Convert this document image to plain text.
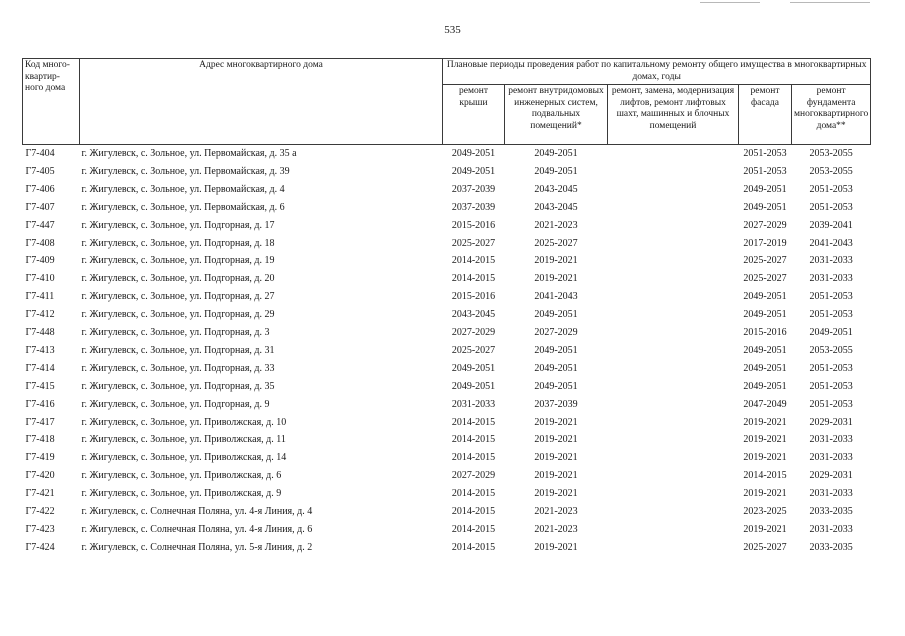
535
Код много-квартир-ного дома	Адрес многоквартирного дома	Плановые периоды проведения работ по капитальному ремонту общего имущества в многоквартирных домах, годы				
		ремонт крыши	ремонт внутридомовых инженерных систем, подвальных помещений*	ремонт, замена, модернизация лифтов, ремонт лифтовых шахт, машинных и блочных помещений	ремонт фасада	ремонт фундамента многоквартирного дома**
Г7-404	г. Жигулевск, с. Зольное, ул. Первомайская, д. 35 а	2049-2051	2049-2051		2051-2053	2053-2055
Г7-405	г. Жигулевск, с. Зольное, ул. Первомайская, д. 39	2049-2051	2049-2051		2051-2053	2053-2055
Г7-406	г. Жигулевск, с. Зольное, ул. Первомайская, д. 4	2037-2039	2043-2045		2049-2051	2051-2053
Г7-407	г. Жигулевск, с. Зольное, ул. Первомайская, д. 6	2037-2039	2043-2045		2049-2051	2051-2053
Г7-447	г. Жигулевск, с. Зольное, ул. Подгорная, д. 17	2015-2016	2021-2023		2027-2029	2039-2041
Г7-408	г. Жигулевск, с. Зольное, ул. Подгорная, д. 18	2025-2027	2025-2027		2017-2019	2041-2043
Г7-409	г. Жигулевск, с. Зольное, ул. Подгорная, д. 19	2014-2015	2019-2021		2025-2027	2031-2033
Г7-410	г. Жигулевск, с. Зольное, ул. Подгорная, д. 20	2014-2015	2019-2021		2025-2027	2031-2033
Г7-411	г. Жигулевск, с. Зольное, ул. Подгорная, д. 27	2015-2016	2041-2043		2049-2051	2051-2053
Г7-412	г. Жигулевск, с. Зольное, ул. Подгорная, д. 29	2043-2045	2049-2051		2049-2051	2051-2053
Г7-448	г. Жигулевск, с. Зольное, ул. Подгорная, д. 3	2027-2029	2027-2029		2015-2016	2049-2051
Г7-413	г. Жигулевск, с. Зольное, ул. Подгорная, д. 31	2025-2027	2049-2051		2049-2051	2053-2055
Г7-414	г. Жигулевск, с. Зольное, ул. Подгорная, д. 33	2049-2051	2049-2051		2049-2051	2051-2053
Г7-415	г. Жигулевск, с. Зольное, ул. Подгорная, д. 35	2049-2051	2049-2051		2049-2051	2051-2053
Г7-416	г. Жигулевск, с. Зольное, ул. Подгорная, д. 9	2031-2033	2037-2039		2047-2049	2051-2053
Г7-417	г. Жигулевск, с. Зольное, ул. Приволжская, д. 10	2014-2015	2019-2021		2019-2021	2029-2031
Г7-418	г. Жигулевск, с. Зольное, ул. Приволжская, д. 11	2014-2015	2019-2021		2019-2021	2031-2033
Г7-419	г. Жигулевск, с. Зольное, ул. Приволжская, д. 14	2014-2015	2019-2021		2019-2021	2031-2033
Г7-420	г. Жигулевск, с. Зольное, ул. Приволжская, д. 6	2027-2029	2019-2021		2014-2015	2029-2031
Г7-421	г. Жигулевск, с. Зольное, ул. Приволжская, д. 9	2014-2015	2019-2021		2019-2021	2031-2033
Г7-422	г. Жигулевск, с. Солнечная Поляна, ул. 4-я Линия, д. 4	2014-2015	2021-2023		2023-2025	2033-2035
Г7-423	г. Жигулевск, с. Солнечная Поляна, ул. 4-я Линия, д. 6	2014-2015	2021-2023		2019-2021	2031-2033
Г7-424	г. Жигулевск, с. Солнечная Поляна, ул. 5-я Линия, д. 2	2014-2015	2019-2021		2025-2027	2033-2035
